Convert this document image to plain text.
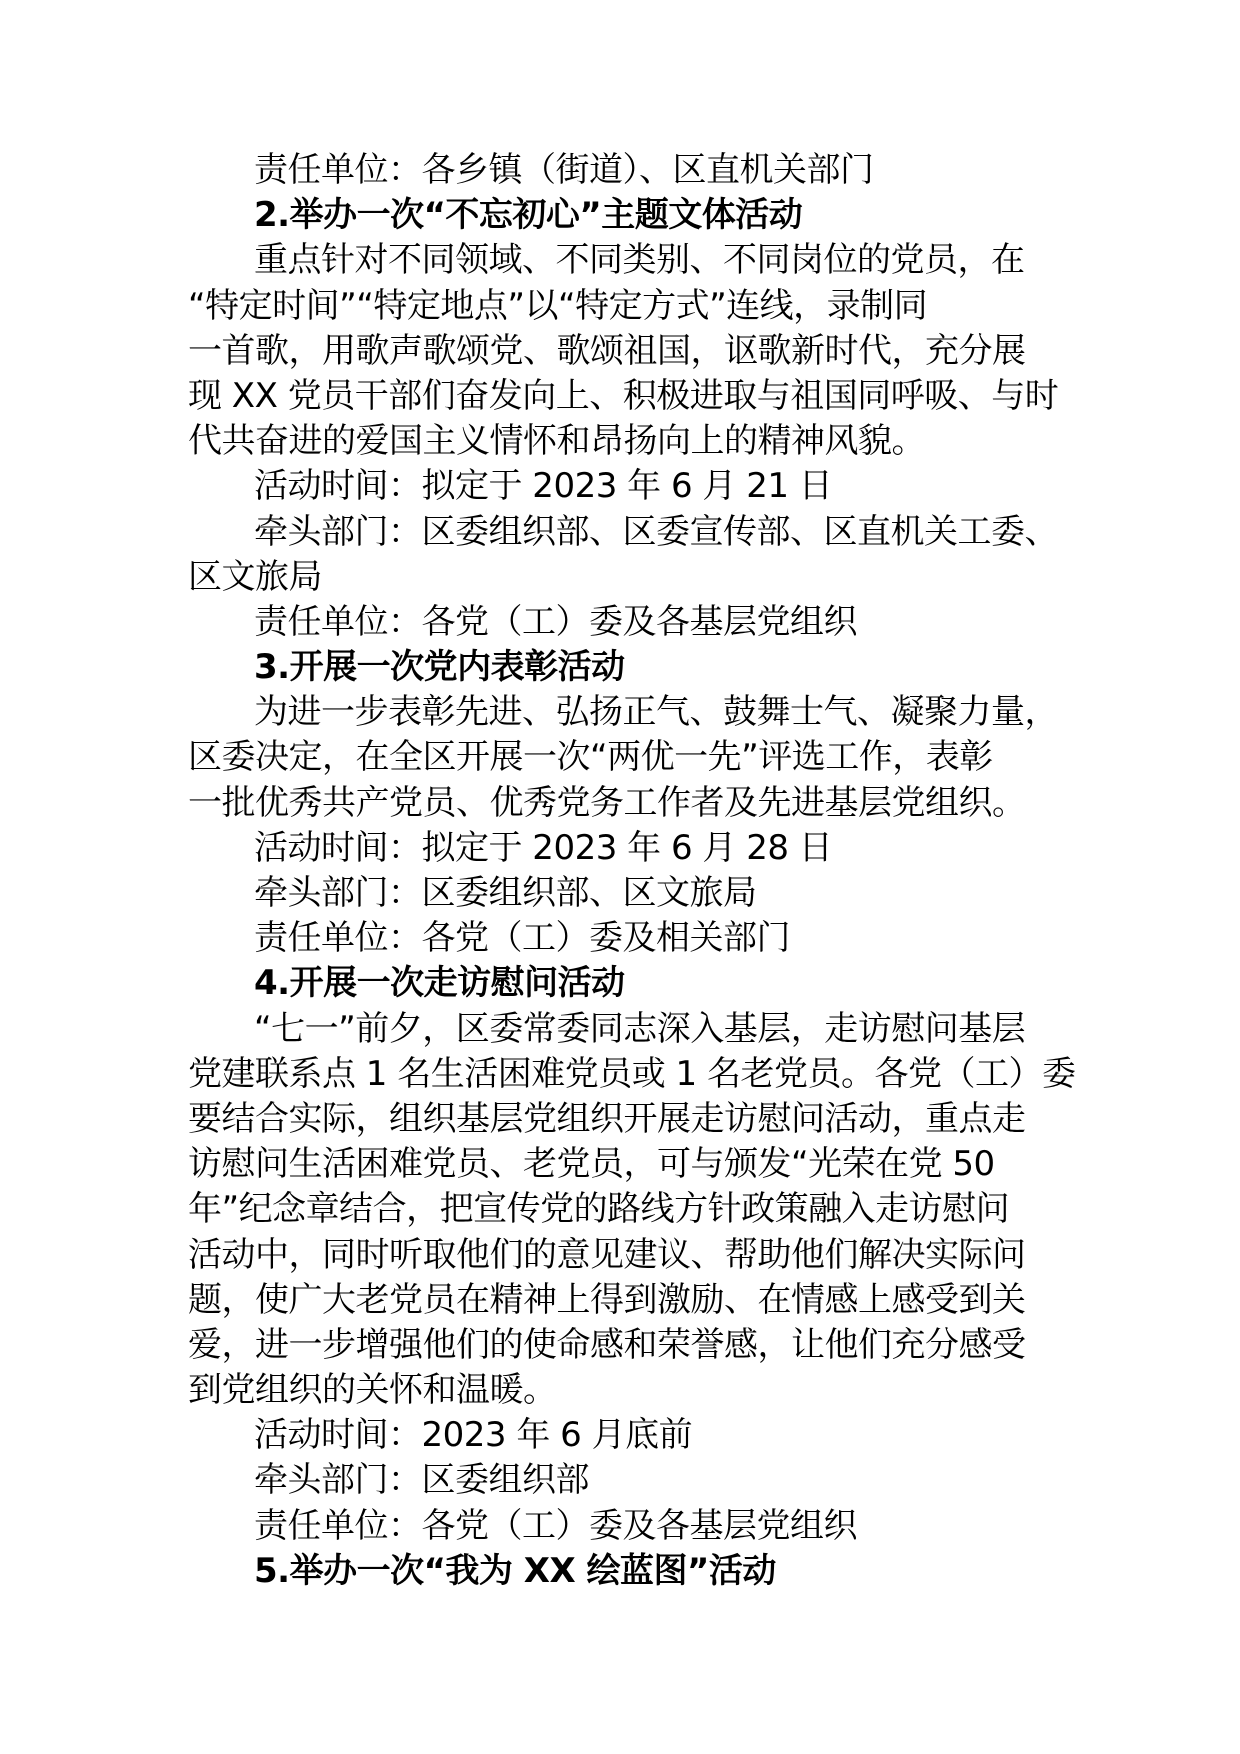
责任单位：各乡镇（街道）、区直机关部门
2.举办一次“不忘初心”主题文体活动
重点针对不同领域、不同类别、不同岗位的党员，在
“特定时间”“特定地点”以“特定方式”连线，录制同
一首歌，用歌声歌颂党、歌颂祖国，讴歌新时代，充分展
现 XX 党员干部们奋发向上、积极进取与祖国同呼吸、与时
代共奋进的爱国主义情怀和昂扬向上的精神风貌。
活动时间：拟定于 2023 年 6 月 21 日
牵头部门：区委组织部、区委宣传部、区直机关工委、
区文旅局
责任单位：各党（工）委及各基层党组织
3.开展一次党内表彰活动
为进一步表彰先进、弘扬正气、鼓舞士气、凝聚力量，
区委决定，在全区开展一次“两优一先”评选工作，表彰
一批优秀共产党员、优秀党务工作者及先进基层党组织。
活动时间：拟定于 2023 年 6 月 28 日
牵头部门：区委组织部、区文旅局
责任单位：各党（工）委及相关部门
4.开展一次走访慰问活动
“七一”前夕，区委常委同志深入基层，走访慰问基层
党建联系点 1 名生活困难党员或 1 名老党员。各党（工）委
要结合实际，组织基层党组织开展走访慰问活动，重点走
访慰问生活困难党员、老党员，可与颁发“光荣在党 50
年”纪念章结合，把宣传党的路线方针政策融入走访慰问
活动中，同时听取他们的意见建议、帮助他们解决实际问
题，使广大老党员在精神上得到激励、在情感上感受到关
爱，进一步增强他们的使命感和荣誉感，让他们充分感受
到党组织的关怀和温暖。
活动时间：2023 年 6 月底前
牵头部门：区委组织部
责任单位：各党（工）委及各基层党组织
5.举办一次“我为 XX 绘蓝图”活动
